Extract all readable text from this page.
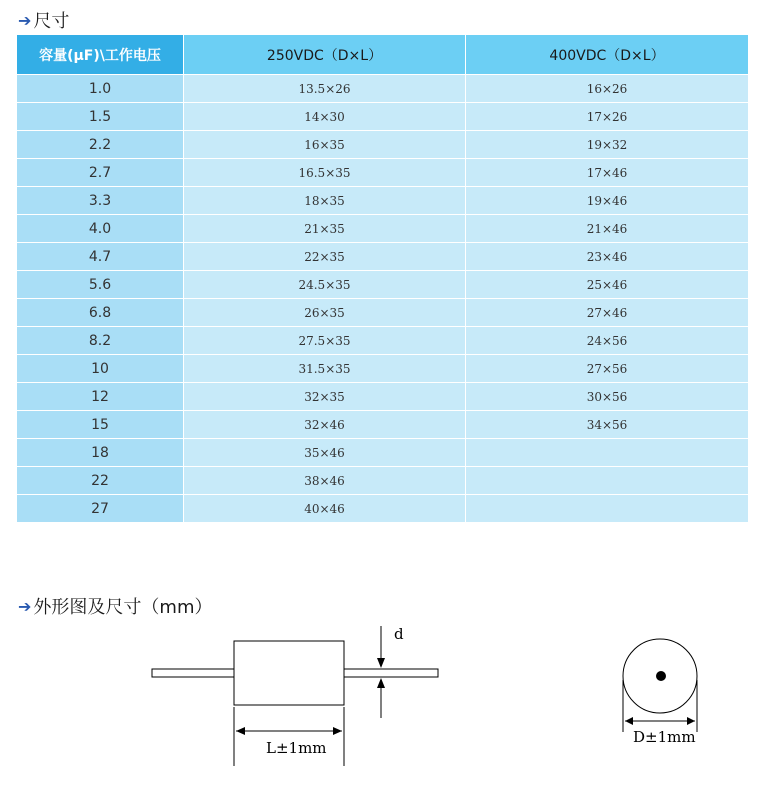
➔ 尺寸
容量(μF)\工作电压	250VDC（D×L）	400VDC（D×L）
1.0	13.5×26	16×26
1.5	14×30	17×26
2.2	16×35	19×32
2.7	16.5×35	17×46
3.3	18×35	19×46
4.0	21×35	21×46
4.7	22×35	23×46
5.6	24.5×35	25×46
6.8	26×35	27×46
8.2	27.5×35	24×56
10	31.5×35	27×56
12	32×35	30×56
15	32×46	34×56
18	35×46	
22	38×46	
27	40×46	
➔ 外形图及尺寸（mm）
d
L±1mm
D±1mm
